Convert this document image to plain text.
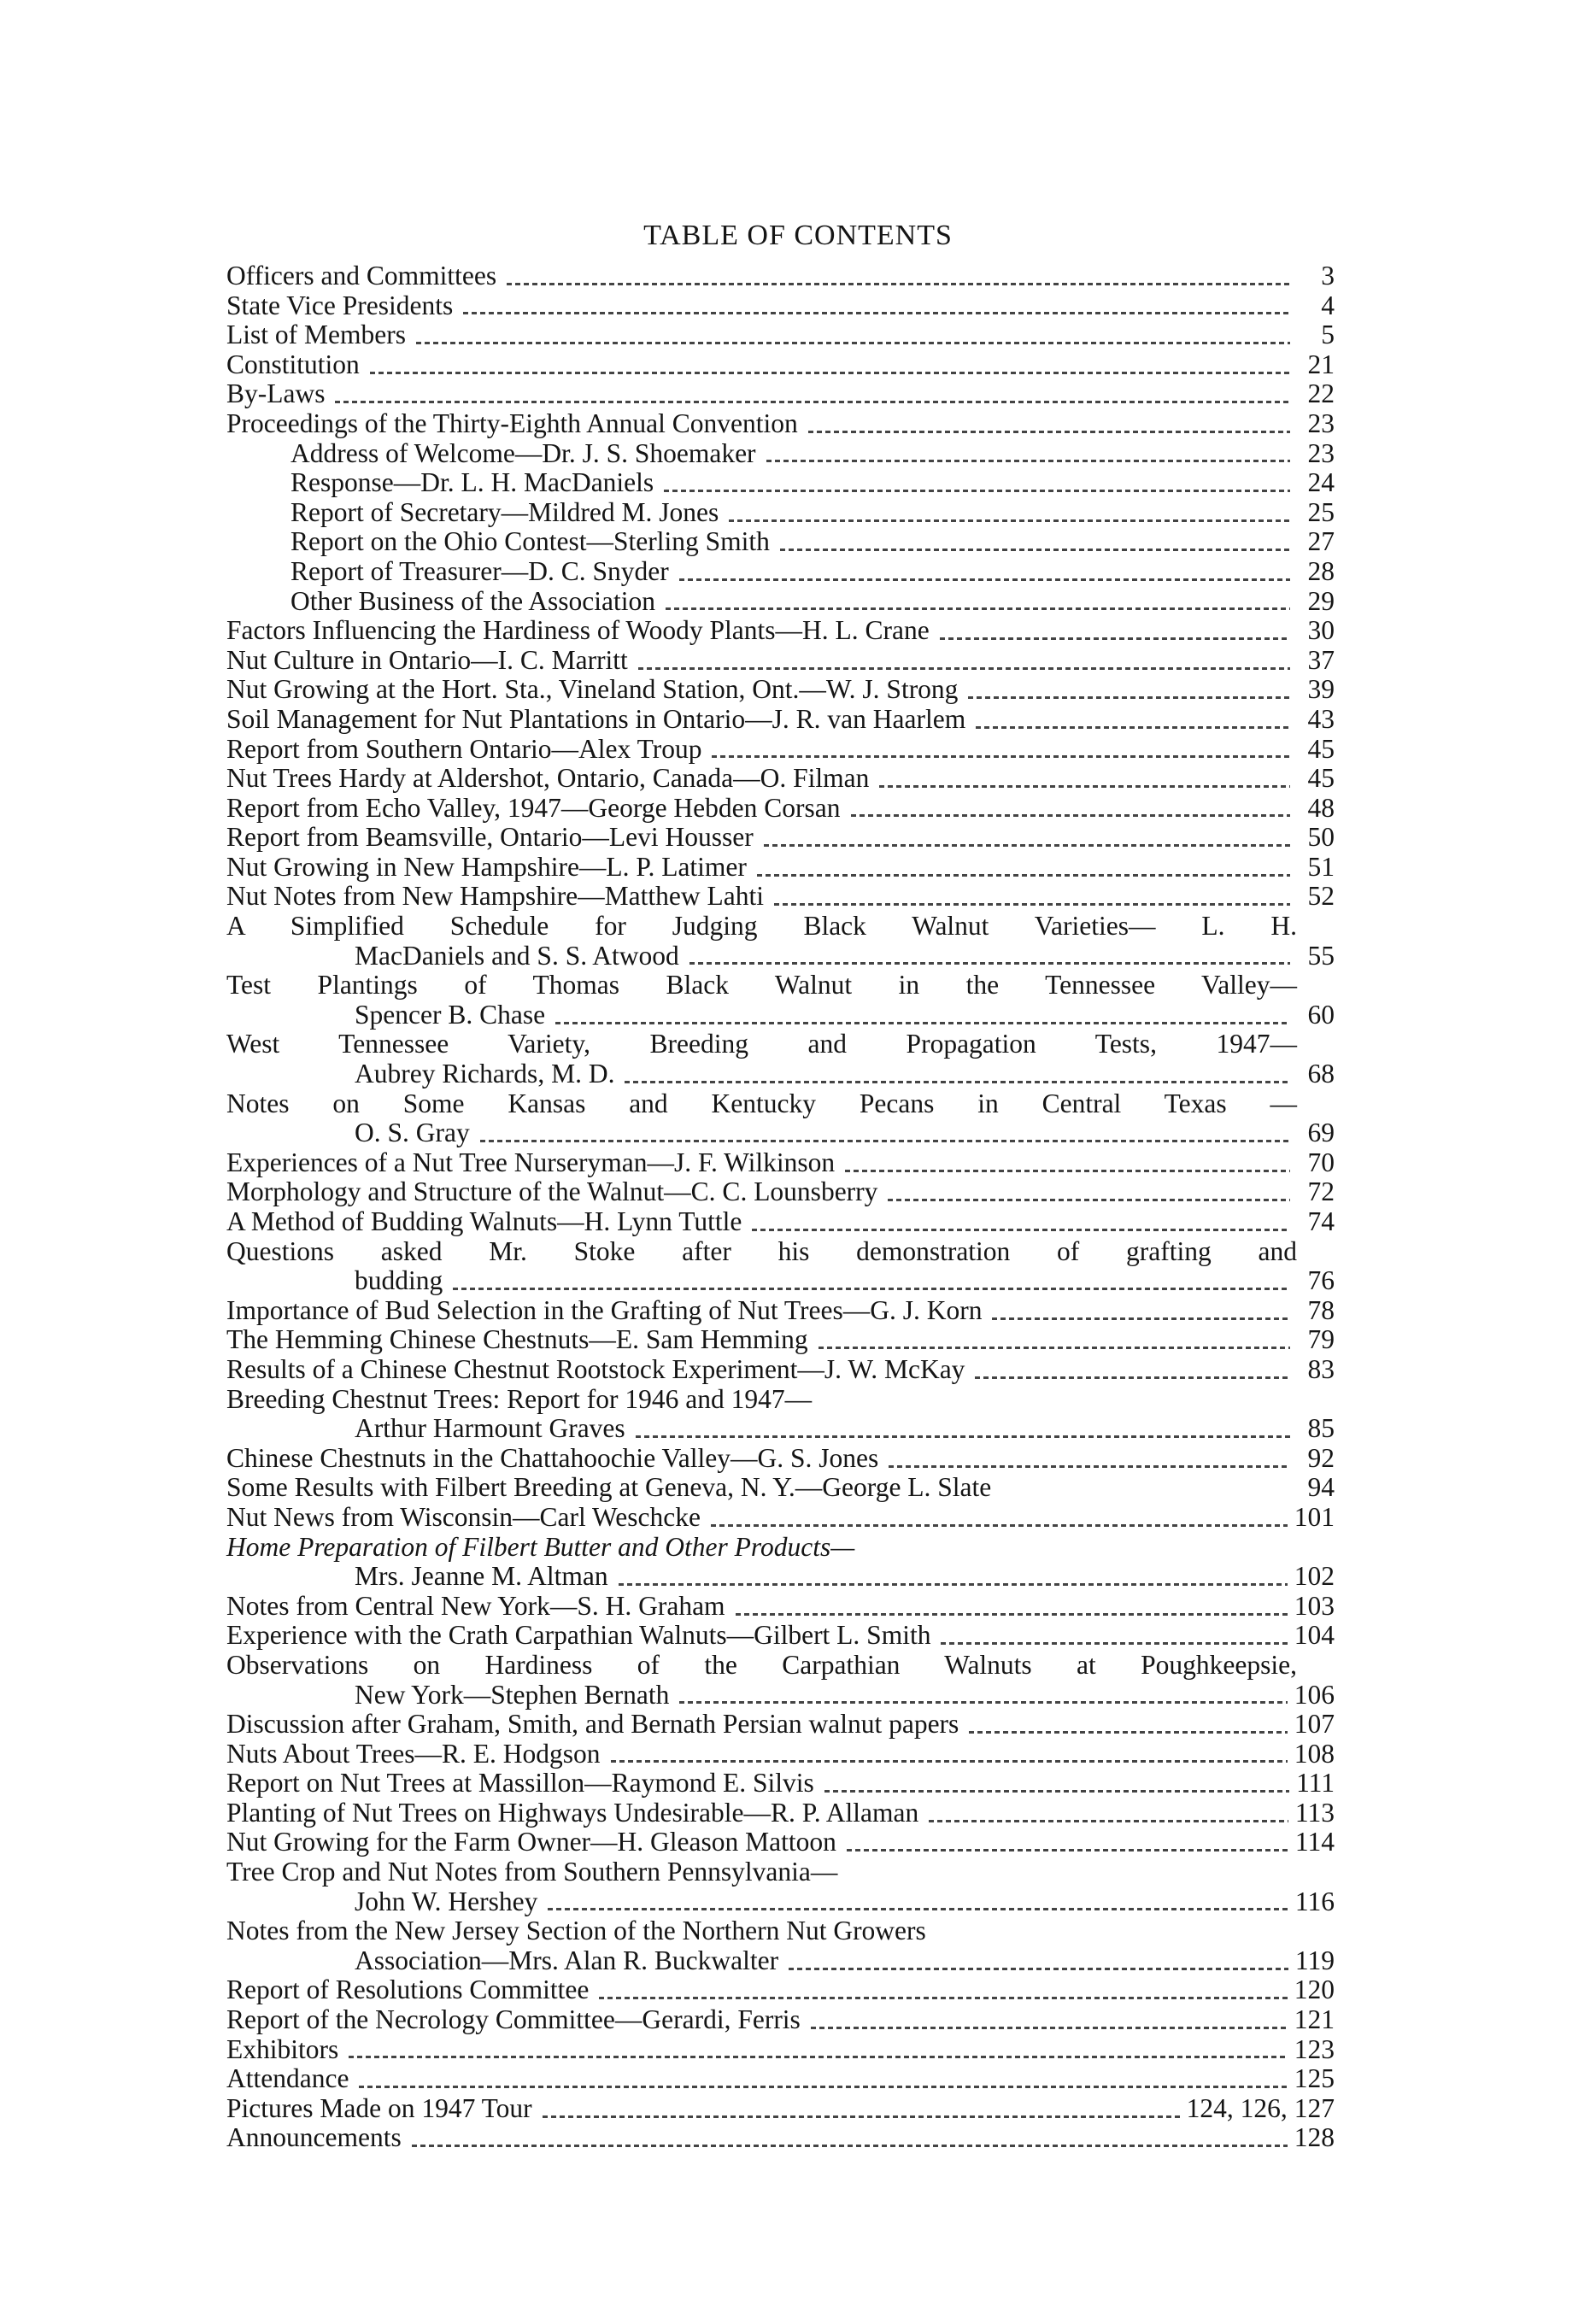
TABLE OF CONTENTS
Officers and Committees	3
State Vice Presidents	4
List of Members	5
Constitution	21
By-Laws	22
Proceedings of the Thirty-Eighth Annual Convention	23
Address of Welcome—Dr. J. S. Shoemaker	23
Response—Dr. L. H. MacDaniels	24
Report of Secretary—Mildred M. Jones	25
Report on the Ohio Contest—Sterling Smith	27
Report of Treasurer—D. C. Snyder	28
Other Business of the Association	29
Factors Influencing the Hardiness of Woody Plants—H. L. Crane	30
Nut Culture in Ontario—I. C. Marritt	37
Nut Growing at the Hort. Sta., Vineland Station, Ont.—W. J. Strong	39
Soil Management for Nut Plantations in Ontario—J. R. van Haarlem	43
Report from Southern Ontario—Alex Troup	45
Nut Trees Hardy at Aldershot, Ontario, Canada—O. Filman	45
Report from Echo Valley, 1947—George Hebden Corsan	48
Report from Beamsville, Ontario—Levi Housser	50
Nut Growing in New Hampshire—L. P. Latimer	51
Nut Notes from New Hampshire—Matthew Lahti	52
A Simplified Schedule for Judging Black Walnut Varieties— L. H.
MacDaniels and S. S. Atwood	55
Test Plantings of Thomas Black Walnut in the Tennessee Valley—
Spencer B. Chase	60
West Tennessee Variety, Breeding and Propagation Tests, 1947—
Aubrey Richards, M. D.	68
Notes on Some Kansas and Kentucky Pecans in Central Texas —
O. S. Gray	69
Experiences of a Nut Tree Nurseryman—J. F. Wilkinson	70
Morphology and Structure of the Walnut—C. C. Lounsberry	72
A Method of Budding Walnuts—H. Lynn Tuttle	74
Questions asked Mr. Stoke after his demonstration of grafting and
budding	76
Importance of Bud Selection in the Grafting of Nut Trees—G. J. Korn	78
The Hemming Chinese Chestnuts—E. Sam Hemming	79
Results of a Chinese Chestnut Rootstock Experiment—J. W. McKay	83
Breeding Chestnut Trees: Report for 1946 and 1947—
Arthur Harmount Graves	85
Chinese Chestnuts in the Chattahoochie Valley—G. S. Jones	92
Some Results with Filbert Breeding at Geneva, N. Y.—George L. Slate	94
Nut News from Wisconsin—Carl Weschcke	101
Home Preparation of Filbert Butter and Other Products—
Mrs. Jeanne M. Altman	102
Notes from Central New York—S. H. Graham	103
Experience with the Crath Carpathian Walnuts—Gilbert L. Smith	104
Observations on Hardiness of the Carpathian Walnuts at Poughkeepsie,
New York—Stephen Bernath	106
Discussion after Graham, Smith, and Bernath Persian walnut papers	107
Nuts About Trees—R. E. Hodgson	108
Report on Nut Trees at Massillon—Raymond E. Silvis	111
Planting of Nut Trees on Highways Undesirable—R. P. Allaman	113
Nut Growing for the Farm Owner—H. Gleason Mattoon	114
Tree Crop and Nut Notes from Southern Pennsylvania—
John W. Hershey	116
Notes from the New Jersey Section of the Northern Nut Growers
Association—Mrs. Alan R. Buckwalter	119
Report of Resolutions Committee	120
Report of the Necrology Committee—Gerardi, Ferris	121
Exhibitors	123
Attendance	125
Pictures Made on 1947 Tour	124, 126, 127
Announcements	128
